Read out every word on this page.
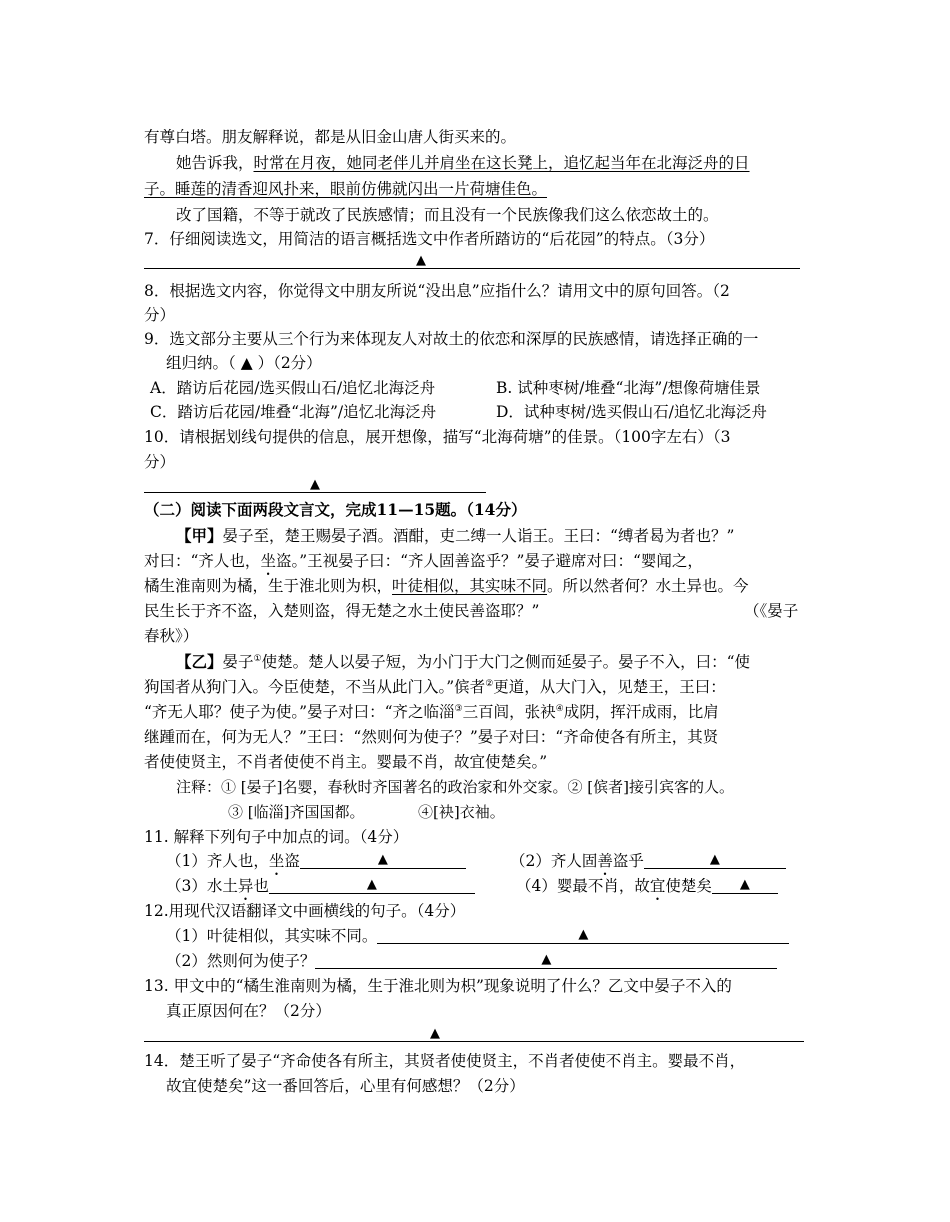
有尊白塔。朋友解释说，都是从旧金山唐人街买来的。
她告诉我，时常在月夜，她同老伴儿并肩坐在这长凳上，追忆起当年在北海泛舟的日
子。睡莲的清香迎风扑来，眼前仿佛就闪出一片荷塘佳色。
改了国籍，不等于就改了民族感情；而且没有一个民族像我们这么依恋故土的。
7．仔细阅读选文，用简洁的语言概括选文中作者所踏访的“后花园”的特点。（3分）
▲
8．根据选文内容，你觉得文中朋友所说“没出息”应指什么？请用文中的原句回答。（2
分）
9．选文部分主要从三个行为来体现友人对故土的依恋和深厚的民族感情，请选择正确的一
组归纳。（ ▲ ）（2分）
A．踏访后花园/选买假山石/追忆北海泛舟	B. 试种枣树/堆叠“北海”/想像荷塘佳景
C．踏访后花园/堆叠“北海”/追忆北海泛舟	D．试种枣树/选买假山石/追忆北海泛舟
10．请根据划线句提供的信息，展开想像，描写“北海荷塘”的佳景。（100字左右）（3
分）
▲
（二）阅读下面两段文言文，完成11—15题。（14分）
【甲】晏子至，楚王赐晏子酒。酒酣，吏二缚一人诣王。王曰：“缚者曷为者也？”
对曰：“齐人也，坐盗。”王视晏子曰：“齐人固善盗乎？”晏子避席对曰：“婴闻之，
橘生淮南则为橘，生于淮北则为枳，叶徒相似，其实味不同。所以然者何？水土异也。今
民生长于齐不盗，入楚则盗，得无楚之水土使民善盗耶？”	（《晏子
春秋》）
【乙】晏子①使楚。楚人以晏子短，为小门于大门之侧而延晏子。晏子不入，曰：“使
狗国者从狗门入。今臣使楚，不当从此门入。”傧者②更道，从大门入，见楚王，王曰：
“齐无人耶？使子为使。”晏子对曰：“齐之临淄③三百闾，张袂④成阴，挥汗成雨，比肩
继踵而在，何为无人？”王曰：“然则何为使子？”晏子对曰：“齐命使各有所主，其贤
者使使贤主，不肖者使使不肖主。婴最不肖，故宜使楚矣。”
注释：① [晏子]名婴，春秋时齐国著名的政治家和外交家。② [傧者]接引宾客的人。
③ [临淄]齐国国都。	④[袂]衣袖。
11. 解释下列句子中加点的词。（4分）
（1）齐人也，坐盗	▲	（2）齐人固善盗乎	▲
（3）水土异也	▲	（4）婴最不肖，故宜使楚矣 ▲
12.用现代汉语翻译文中画横线的句子。（4分）
（1）叶徒相似，其实味不同。	▲
（2）然则何为使子？	▲
13. 甲文中的“橘生淮南则为橘，生于淮北则为枳”现象说明了什么？乙文中晏子不入的
真正原因何在？（2分）
▲
14．楚王听了晏子“齐命使各有所主，其贤者使使贤主，不肖者使使不肖主。婴最不肖，
故宜使楚矣”这一番回答后，心里有何感想？（2分）
